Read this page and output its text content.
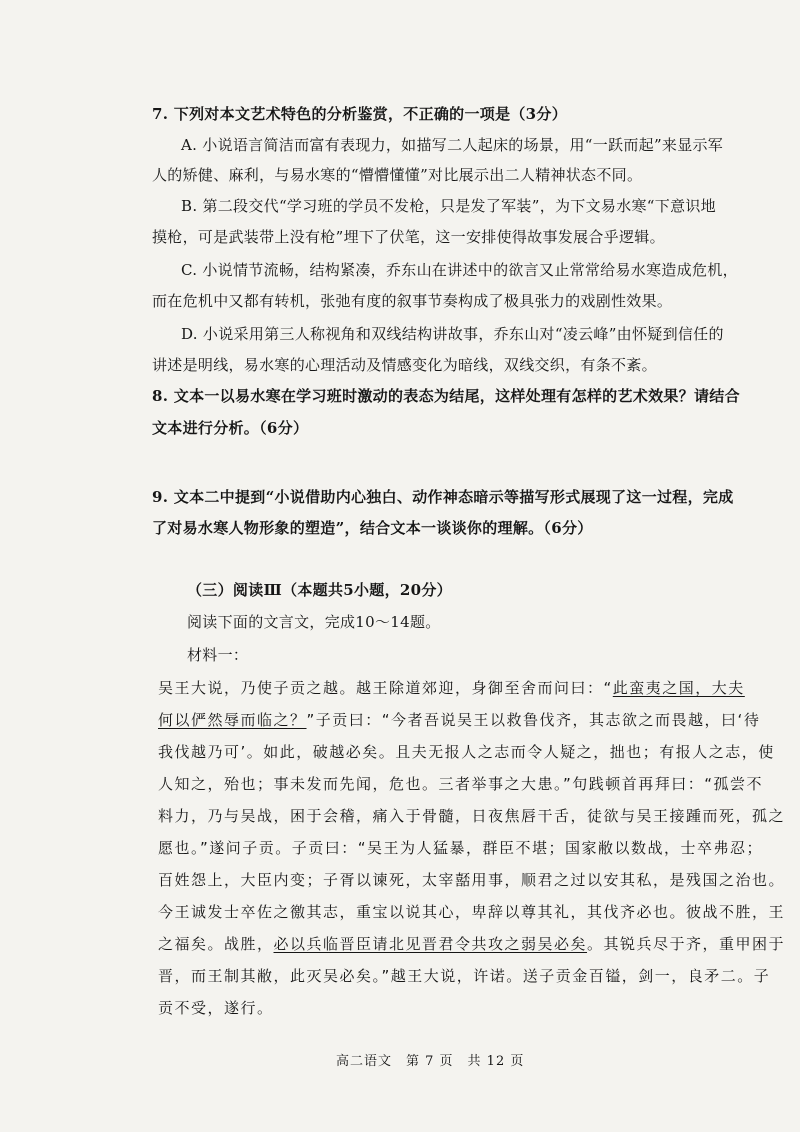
7. 下列对本文艺术特色的分析鉴赏，不正确的一项是（3分）
A. 小说语言简洁而富有表现力，如描写二人起床的场景，用“一跃而起”来显示军
人的矫健、麻利，与易水寒的“懵懵懂懂”对比展示出二人精神状态不同。
B. 第二段交代“学习班的学员不发枪，只是发了军装”，为下文易水寒“下意识地
摸枪，可是武装带上没有枪”埋下了伏笔，这一安排使得故事发展合乎逻辑。
C. 小说情节流畅，结构紧凑，乔东山在讲述中的欲言又止常常给易水寒造成危机，
而在危机中又都有转机，张弛有度的叙事节奏构成了极具张力的戏剧性效果。
D. 小说采用第三人称视角和双线结构讲故事，乔东山对“凌云峰”由怀疑到信任的
讲述是明线，易水寒的心理活动及情感变化为暗线，双线交织，有条不紊。
8. 文本一以易水寒在学习班时激动的表态为结尾，这样处理有怎样的艺术效果？请结合
文本进行分析。（6分）
9. 文本二中提到“小说借助内心独白、动作神态暗示等描写形式展现了这一过程，完成
了对易水寒人物形象的塑造”，结合文本一谈谈你的理解。（6分）
（三）阅读Ⅲ（本题共5小题，20分）
阅读下面的文言文，完成10～14题。
材料一：
吴王大说，乃使子贡之越。越王除道郊迎，身御至舍而问曰：“此蛮夷之国，大夫
何以俨然辱而临之？”子贡曰：“今者吾说吴王以救鲁伐齐，其志欲之而畏越，曰‘待
我伐越乃可’。如此，破越必矣。且夫无报人之志而令人疑之，拙也；有报人之志，使
人知之，殆也；事未发而先闻，危也。三者举事之大患。”句践顿首再拜曰：“孤尝不
料力，乃与吴战，困于会稽，痛入于骨髓，日夜焦唇干舌，徒欲与吴王接踵而死，孤之
愿也。”遂问子贡。子贡曰：“吴王为人猛暴，群臣不堪；国家敝以数战，士卒弗忍；
百姓怨上，大臣内变；子胥以谏死，太宰嚭用事，顺君之过以安其私，是残国之治也。
今王诚发士卒佐之徼其志，重宝以说其心，卑辞以尊其礼，其伐齐必也。彼战不胜，王
之福矣。战胜，必以兵临晋臣请北见晋君令共攻之弱吴必矣。其锐兵尽于齐，重甲困于
晋，而王制其敝，此灭吴必矣。”越王大说，许诺。送子贡金百镒，剑一，良矛二。子
贡不受，遂行。
高二语文　第 7 页　共 12 页
